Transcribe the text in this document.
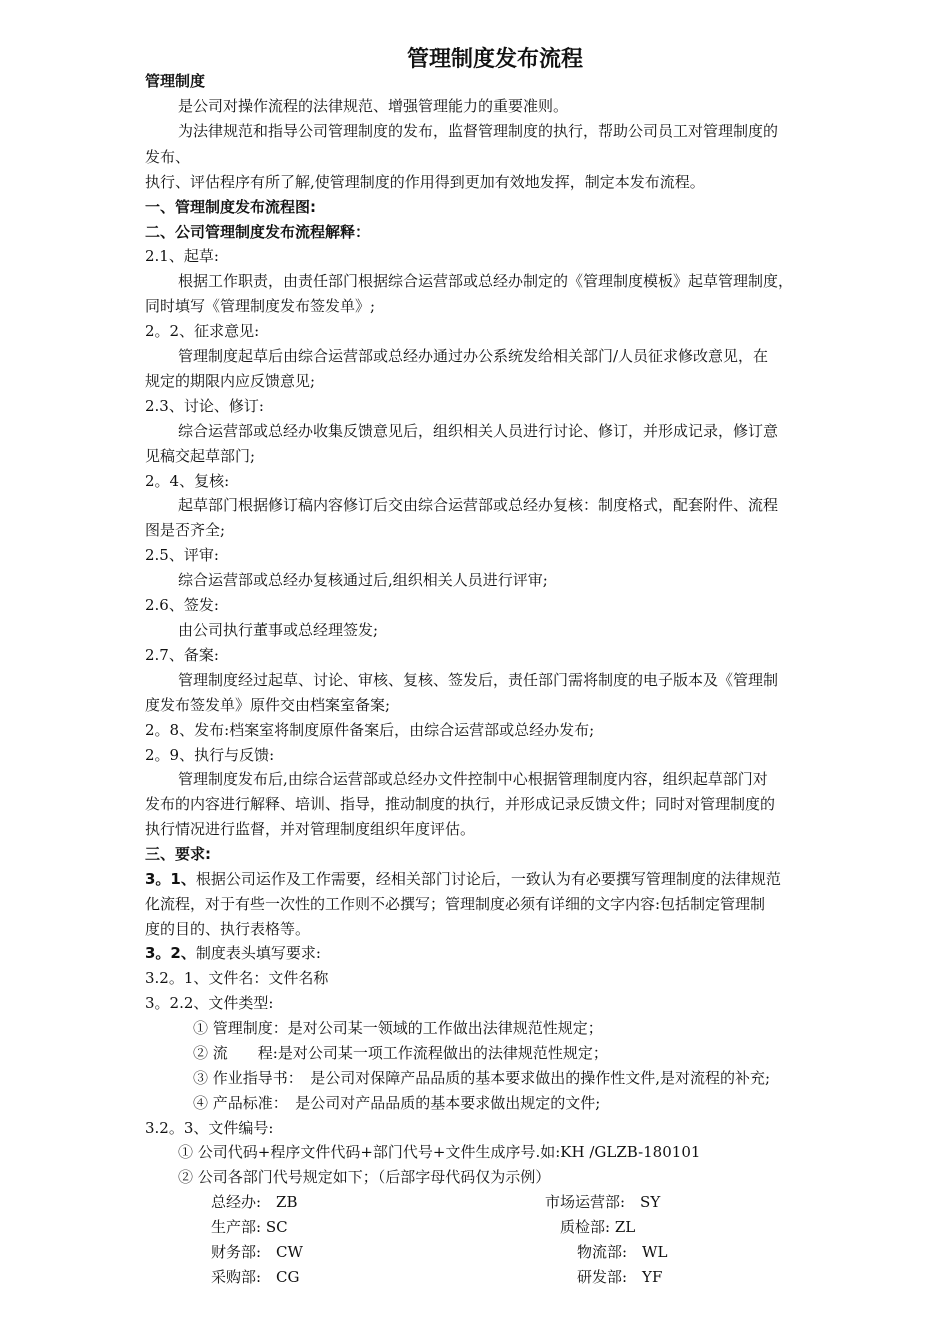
管理制度发布流程
管理制度
是公司对操作流程的法律规范、增强管理能力的重要准则。
为法律规范和指导公司管理制度的发布，监督管理制度的执行，帮助公司员工对管理制度的
发布、
执行、评估程序有所了解,使管理制度的作用得到更加有效地发挥，制定本发布流程。
一、管理制度发布流程图:
二、公司管理制度发布流程解释：
2.1、起草:
根据工作职责，由责任部门根据综合运营部或总经办制定的《管理制度模板》起草管理制度，
同时填写《管理制度发布签发单》;
2。2、征求意见:
管理制度起草后由综合运营部或总经办通过办公系统发给相关部门/人员征求修改意见，在
规定的期限内应反馈意见;
2.3、讨论、修订:
综合运营部或总经办收集反馈意见后，组织相关人员进行讨论、修订，并形成记录，修订意
见稿交起草部门;
2。4、复核:
起草部门根据修订稿内容修订后交由综合运营部或总经办复核：制度格式，配套附件、流程
图是否齐全;
2.5、评审:
综合运营部或总经办复核通过后,组织相关人员进行评审;
2.6、签发:
由公司执行董事或总经理签发;
2.7、备案:
管理制度经过起草、讨论、审核、复核、签发后，责任部门需将制度的电子版本及《管理制
度发布签发单》原件交由档案室备案;
2。8、发布:档案室将制度原件备案后，由综合运营部或总经办发布;
2。9、执行与反馈:
管理制度发布后,由综合运营部或总经办文件控制中心根据管理制度内容，组织起草部门对
发布的内容进行解释、培训、指导，推动制度的执行，并形成记录反馈文件；同时对管理制度的
执行情况进行监督，并对管理制度组织年度评估。
三、要求:
3。1、根据公司运作及工作需要，经相关部门讨论后，一致认为有必要撰写管理制度的法律规范
化流程，对于有些一次性的工作则不必撰写；管理制度必须有详细的文字内容:包括制定管理制
度的目的、执行表格等。
3。2、制度表头填写要求:
3.2。1、文件名：文件名称
3。2.2、文件类型:
① 管理制度：是对公司某一领域的工作做出法律规范性规定；
② 流　　程:是对公司某一项工作流程做出的法律规范性规定；
③ 作业指导书：　是公司对保障产品品质的基本要求做出的操作性文件,是对流程的补充;
④ 产品标准：　是公司对产品品质的基本要求做出规定的文件;
3.2。3、文件编号:
① 公司代码+程序文件代码+部门代号+文件生成序号.如:KH /GLZB-180101
② 公司各部门代号规定如下；（后部字母代码仅为示例）
总经办:　ZB	市场运营部:　SY
生产部: SC	质检部: ZL
财务部:　CW	物流部:　WL
采购部:　CG	研发部:　YF
